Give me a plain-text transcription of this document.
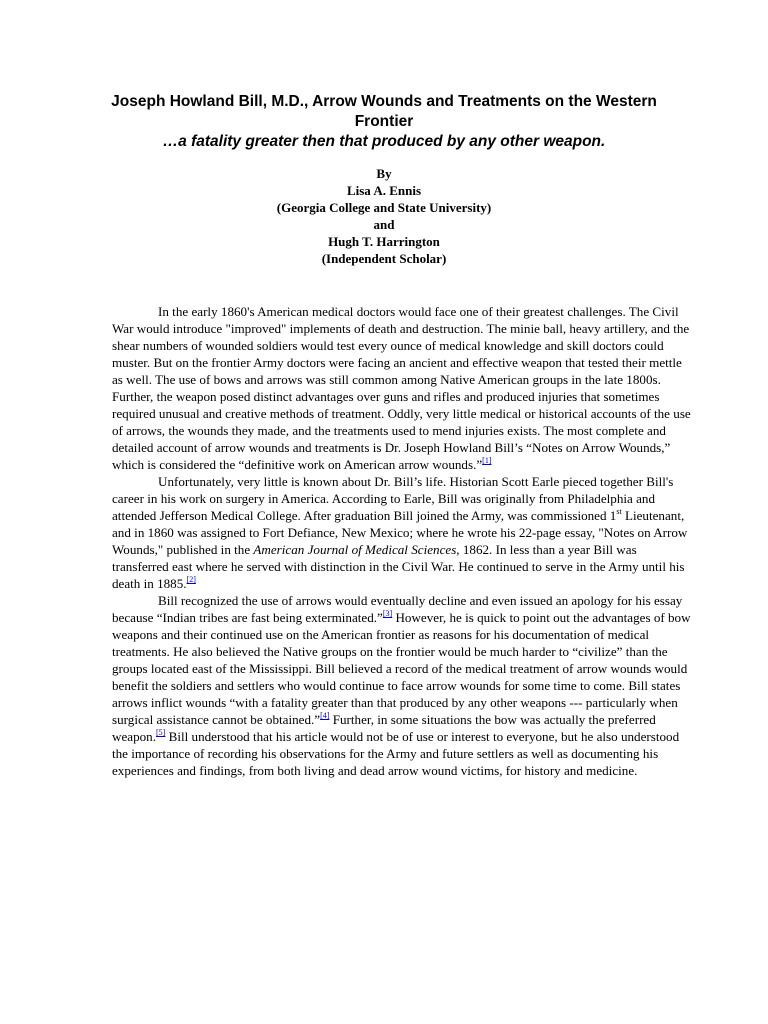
Joseph Howland Bill, M.D., Arrow Wounds and Treatments on the Western Frontier
…a fatality greater then that produced by any other weapon.
By
Lisa A. Ennis
(Georgia College and State University)
and
Hugh T. Harrington
(Independent Scholar)

In the early 1860's American medical doctors would face one of their greatest challenges. The Civil War would introduce "improved" implements of death and destruction. The minie ball, heavy artillery, and the shear numbers of wounded soldiers would test every ounce of medical knowledge and skill doctors could muster. But on the frontier Army doctors were facing an ancient and effective weapon that tested their mettle as well. The use of bows and arrows was still common among Native American groups in the late 1800s. Further, the weapon posed distinct advantages over guns and rifles and produced injuries that sometimes required unusual and creative methods of treatment. Oddly, very little medical or historical accounts of the use of arrows, the wounds they made, and the treatments used to mend injuries exists. The most complete and detailed account of arrow wounds and treatments is Dr. Joseph Howland Bill’s “Notes on Arrow Wounds,” which is considered the “definitive work on American arrow wounds.”[1]

Unfortunately, very little is known about Dr. Bill’s life. Historian Scott Earle pieced together Bill's career in his work on surgery in America. According to Earle, Bill was originally from Philadelphia and attended Jefferson Medical College. After graduation Bill joined the Army, was commissioned 1st Lieutenant, and in 1860 was assigned to Fort Defiance, New Mexico; where he wrote his 22-page essay, "Notes on Arrow Wounds," published in the American Journal of Medical Sciences, 1862. In less than a year Bill was transferred east where he served with distinction in the Civil War. He continued to serve in the Army until his death in 1885.[2]

Bill recognized the use of arrows would eventually decline and even issued an apology for his essay because “Indian tribes are fast being exterminated.”[3] However, he is quick to point out the advantages of bow weapons and their continued use on the American frontier as reasons for his documentation of medical treatments. He also believed the Native groups on the frontier would be much harder to “civilize” than the groups located east of the Mississippi. Bill believed a record of the medical treatment of arrow wounds would benefit the soldiers and settlers who would continue to face arrow wounds for some time to come. Bill states arrows inflict wounds “with a fatality greater than that produced by any other weapons --- particularly when surgical assistance cannot be obtained.”[4] Further, in some situations the bow was actually the preferred weapon.[5] Bill understood that his article would not be of use or interest to everyone, but he also understood the importance of recording his observations for the Army and future settlers as well as documenting his experiences and findings, from both living and dead arrow wound victims, for history and medicine.
